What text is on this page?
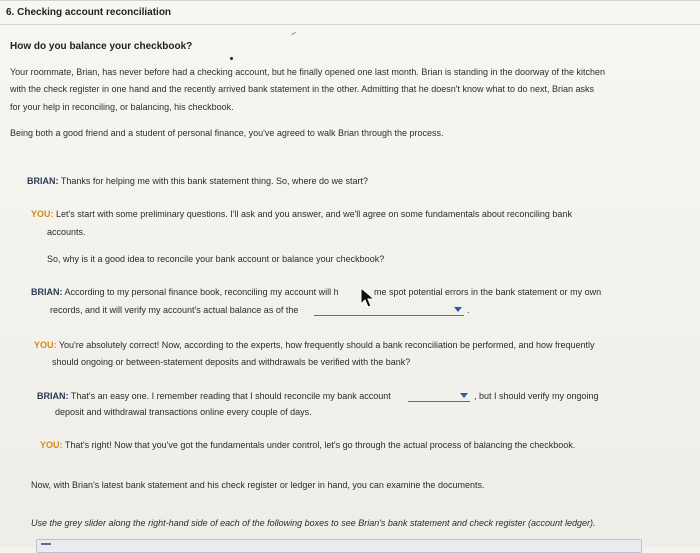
6. Checking account reconciliation
How do you balance your checkbook?
Your roommate, Brian, has never before had a checking account, but he finally opened one last month. Brian is standing in the doorway of the kitchen
with the check register in one hand and the recently arrived bank statement in the other. Admitting that he doesn't know what to do next, Brian asks
for your help in reconciling, or balancing, his checkbook.
Being both a good friend and a student of personal finance, you've agreed to walk Brian through the process.
BRIAN: Thanks for helping me with this bank statement thing. So, where do we start?
YOU: Let's start with some preliminary questions. I'll ask and you answer, and we'll agree on some fundamentals about reconciling bank
accounts.
So, why is it a good idea to reconcile your bank account or balance your checkbook?
BRIAN: According to my personal finance book, reconciling my account will h	me spot potential errors in the bank statement or my own
records, and it will verify my account's actual balance as of the	.
YOU: You're absolutely correct! Now, according to the experts, how frequently should a bank reconciliation be performed, and how frequently
should ongoing or between-statement deposits and withdrawals be verified with the bank?
BRIAN: That's an easy one. I remember reading that I should reconcile my bank account	, but I should verify my ongoing
deposit and withdrawal transactions online every couple of days.
YOU: That's right! Now that you've got the fundamentals under control, let's go through the actual process of balancing the checkbook.
Now, with Brian's latest bank statement and his check register or ledger in hand, you can examine the documents.
Use the grey slider along the right-hand side of each of the following boxes to see Brian's bank statement and check register (account ledger).
